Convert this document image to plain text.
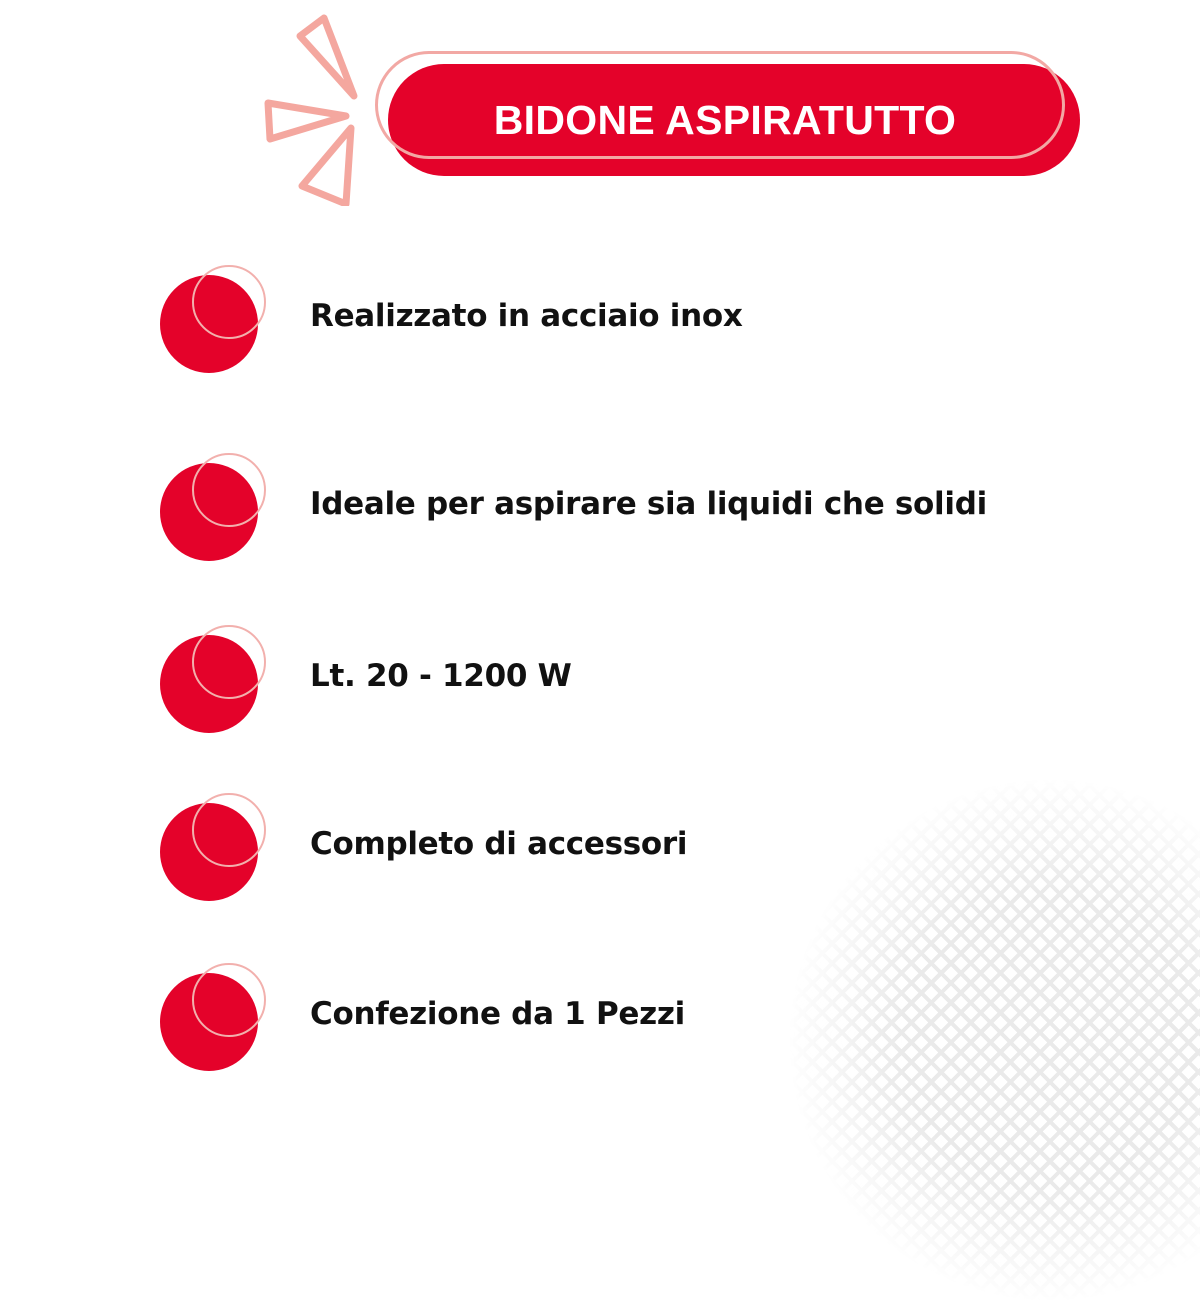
BIDONE ASPIRATUTTO
Realizzato in acciaio inox
Ideale per aspirare sia liquidi che solidi
Lt. 20 - 1200 W
Completo di accessori
Confezione da 1 Pezzi
